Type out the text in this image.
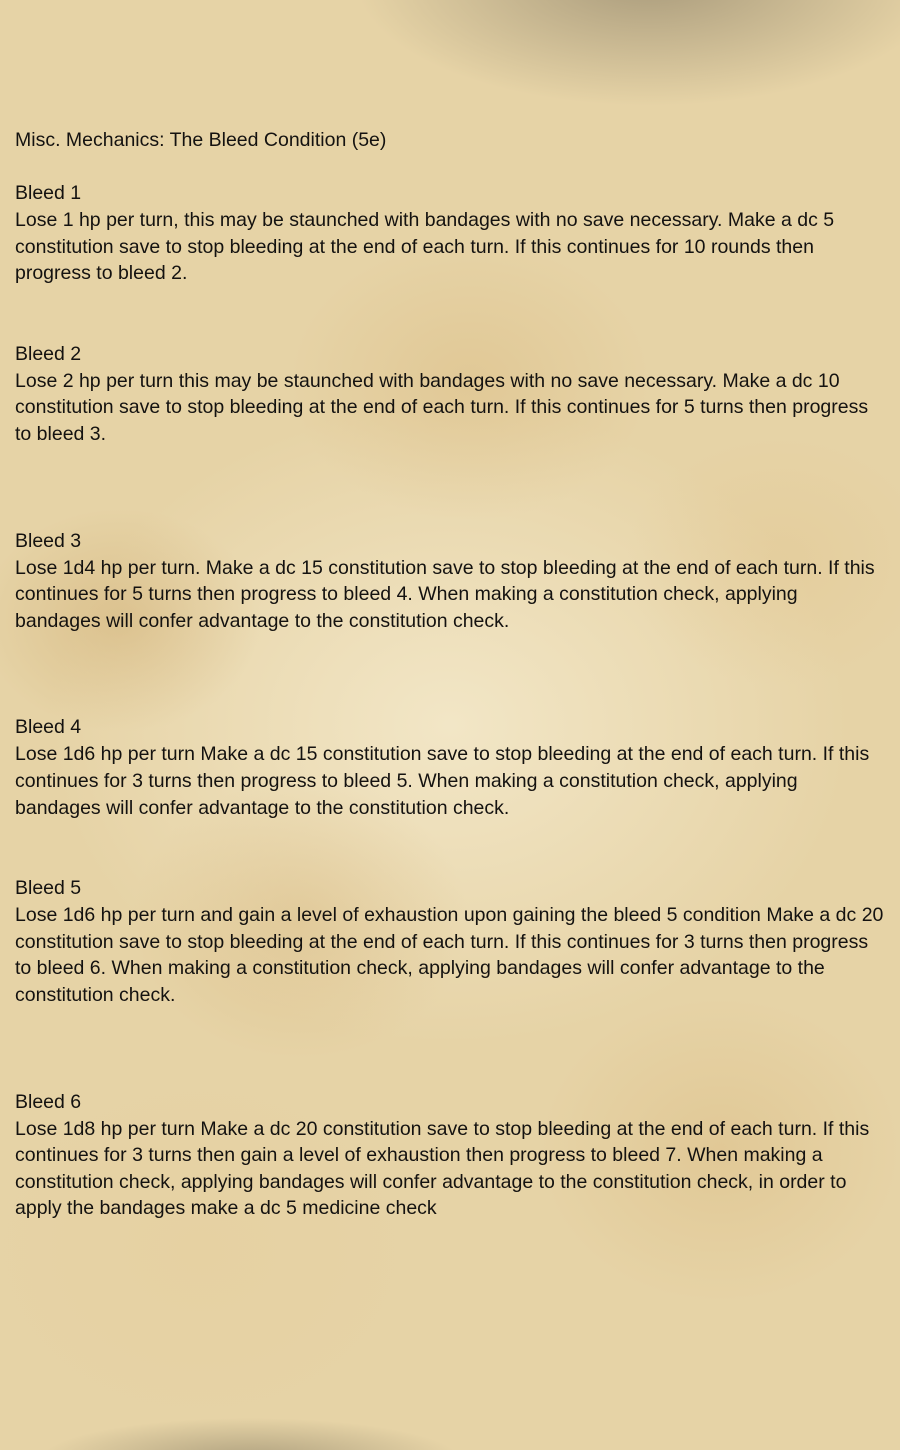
Misc. Mechanics: The Bleed Condition (5e)

Bleed 1

Lose 1 hp per turn, this may be staunched with bandages with no save necessary. Make a dc 5 constitution save to stop bleeding at the end of each turn. If this continues for 10 rounds then progress to bleed 2.

Bleed 2

Lose 2 hp per turn this may be staunched with bandages with no save necessary. Make a dc 10 constitution save to stop bleeding at the end of each turn. If this continues for 5 turns then progress to bleed 3.

Bleed 3

Lose 1d4 hp per turn. Make a dc 15 constitution save to stop bleeding at the end of each turn. If this continues for 5 turns then progress to bleed 4. When making a constitution check, applying bandages will confer advantage to the constitution check.

Bleed 4

Lose 1d6 hp per turn Make a dc 15 constitution save to stop bleeding at the end of each turn. If this continues for 3 turns then progress to bleed 5. When making a constitution check, applying bandages will confer advantage to the constitution check.

Bleed 5

Lose 1d6 hp per turn and gain a level of exhaustion upon gaining the bleed 5 condition Make a dc 20 constitution save to stop bleeding at the end of each turn. If this continues for 3 turns then progress to bleed 6. When making a constitution check, applying bandages will confer advantage to the constitution check.

Bleed 6

Lose 1d8 hp per turn Make a dc 20 constitution save to stop bleeding at the end of each turn. If this continues for 3 turns then gain a level of exhaustion then progress to bleed 7. When making a constitution check, applying bandages will confer advantage to the constitution check, in order to apply the bandages make a dc 5 medicine check
